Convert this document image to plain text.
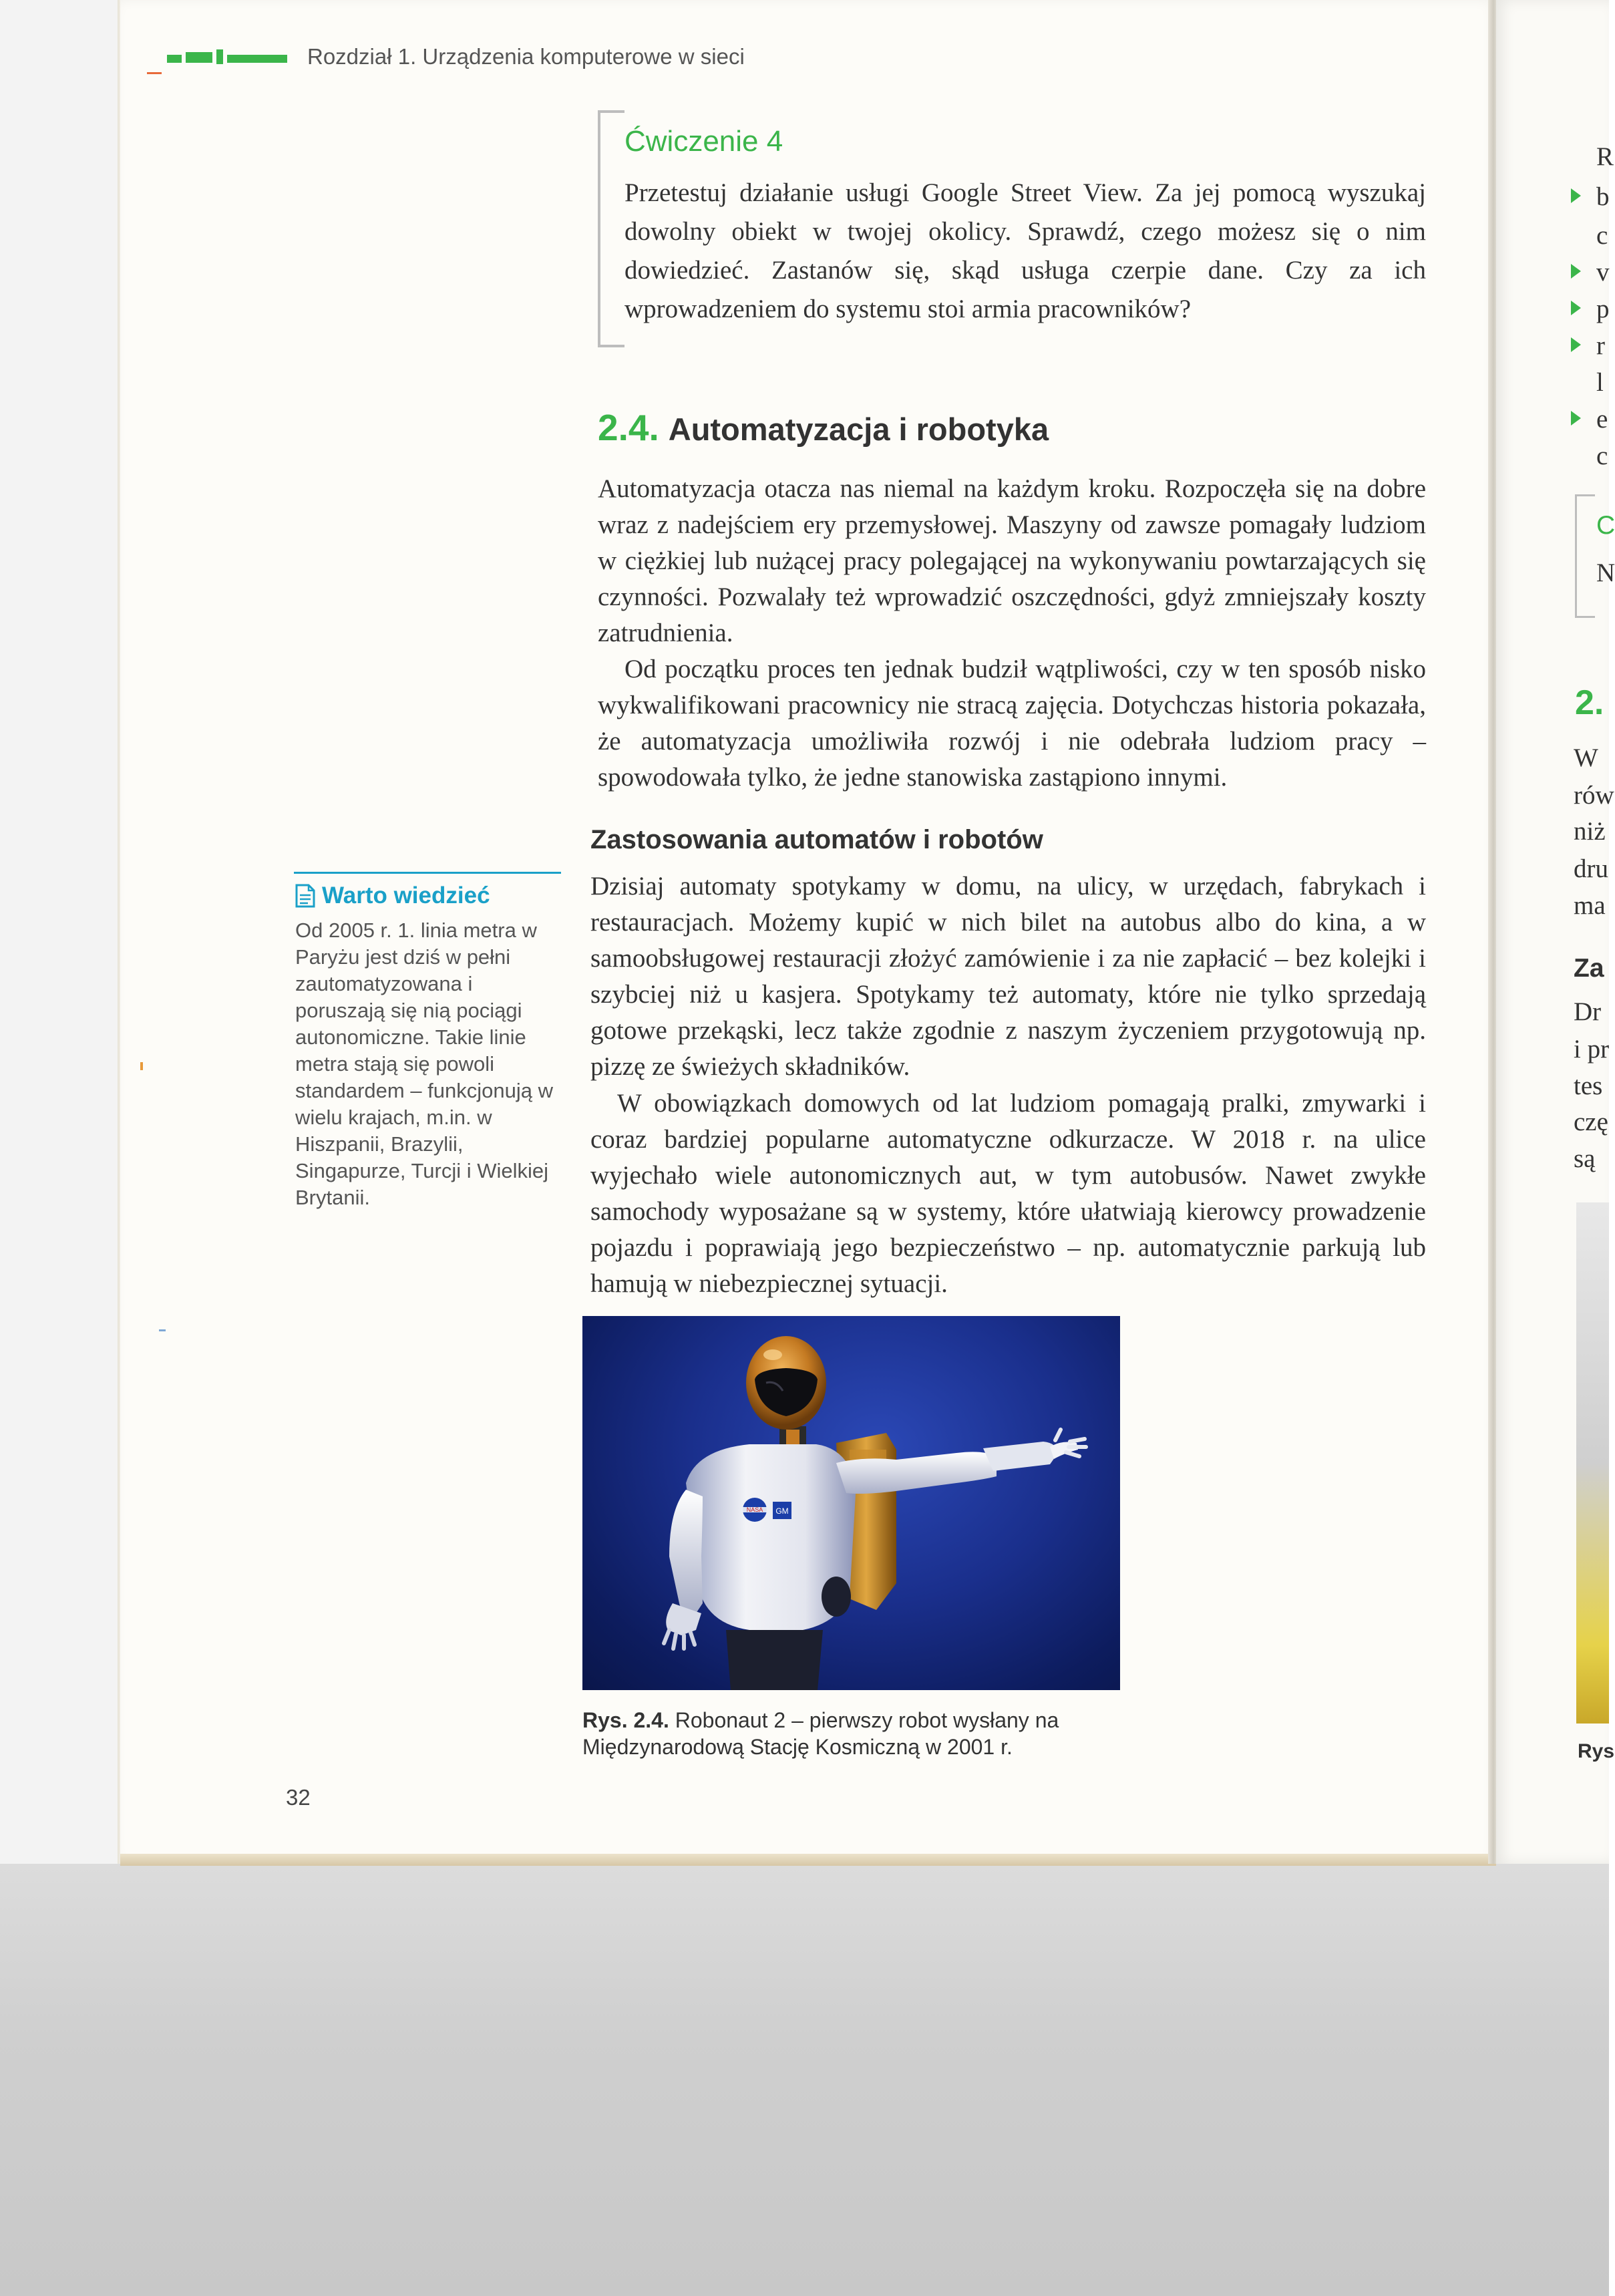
Rozdział 1. Urządzenia komputerowe w sieci
Ćwiczenie 4
Przetestuj działanie usługi Google Street View. Za jej pomocą wyszukaj dowolny obiekt w twojej okolicy. Sprawdź, czego możesz się o nim dowiedzieć. Zastanów się, skąd usługa czerpie dane. Czy za ich wprowadzeniem do systemu stoi armia pracowników?
2.4. Automatyzacja i robotyka
Automatyzacja otacza nas niemal na każdym kroku. Rozpoczęła się na dobre wraz z nadejściem ery przemysłowej. Maszyny od zawsze pomagały ludziom w ciężkiej lub nużącej pracy polegającej na wykonywaniu powtarzających się czynności. Pozwalały też wprowadzić oszczędności, gdyż zmniejszały koszty zatrudnienia.
Od początku proces ten jednak budził wątpliwości, czy w ten sposób nisko wykwalifikowani pracownicy nie stracą zajęcia. Dotychczas historia pokazała, że automatyzacja umożliwiła rozwój i nie odebrała ludziom pracy – spowodowała tylko, że jedne stanowiska zastąpiono innymi.
Zastosowania automatów i robotów
Dzisiaj automaty spotykamy w domu, na ulicy, w urzędach, fabrykach i restauracjach. Możemy kupić w nich bilet na autobus albo do kina, a w samoobsługowej restauracji złożyć zamówienie i za nie zapłacić – bez kolejki i szybciej niż u kasjera. Spotykamy też automaty, które nie tylko sprzedają gotowe przekąski, lecz także zgodnie z naszym życzeniem przygotowują np. pizzę ze świeżych składników.
W obowiązkach domowych od lat ludziom pomagają pralki, zmywarki i coraz bardziej popularne automatyczne odkurzacze. W 2018 r. na ulice wyjechało wiele autonomicznych aut, w tym autobusów. Nawet zwykłe samochody wyposażane są w systemy, które ułatwiają kierowcy prowadzenie pojazdu i poprawiają jego bezpieczeństwo – np. automatycznie parkują lub hamują w niebezpiecznej sytuacji.
Warto wiedzieć
Od 2005 r. 1. linia metra w Paryżu jest dziś w pełni zautomatyzowana i poruszają się nią pociągi autonomiczne. Takie linie metra stają się powoli standardem – funkcjonują w wielu krajach, m.in. w Hiszpanii, Brazylii, Singapurze, Turcji i Wielkiej Brytanii.
NASA GM
Rys. 2.4. Robonaut 2 – pierwszy robot wysłany na Międzynarodową Stację Kosmiczną w 2001 r.
32
R
b
c
v
p
r
l
e
c
C
N
2.
W
rów
niż
dru
ma
Za
Dr
i pr
tes
czę
są
Rys
